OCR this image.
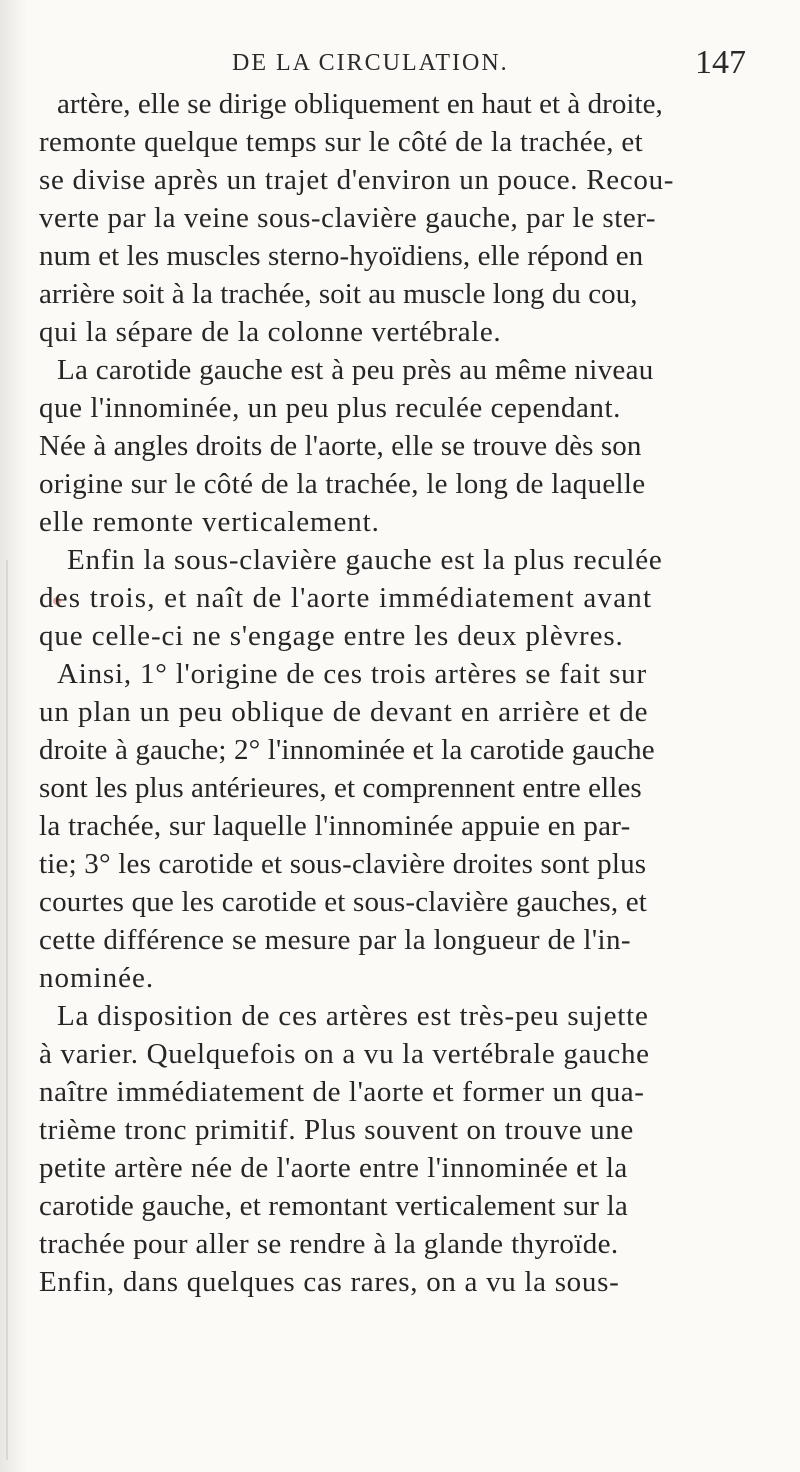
DE LA CIRCULATION.	147
artère, elle se dirige obliquement en haut et à droite,
remonte quelque temps sur le côté de la trachée, et
se divise après un trajet d'environ un pouce. Recou-
verte par la veine sous-clavière gauche, par le ster-
num et les muscles sterno-hyoïdiens, elle répond en
arrière soit à la trachée, soit au muscle long du cou,
qui la sépare de la colonne vertébrale.
La carotide gauche est à peu près au même niveau
que l'innominée, un peu plus reculée cependant.
Née à angles droits de l'aorte, elle se trouve dès son
origine sur le côté de la trachée, le long de laquelle
elle remonte verticalement.
Enfin la sous-clavière gauche est la plus reculée
des trois, et naît de l'aorte immédiatement avant
que celle-ci ne s'engage entre les deux plèvres.
Ainsi, 1° l'origine de ces trois artères se fait sur
un plan un peu oblique de devant en arrière et de
droite à gauche; 2° l'innominée et la carotide gauche
sont les plus antérieures, et comprennent entre elles
la trachée, sur laquelle l'innominée appuie en par-
tie; 3° les carotide et sous-clavière droites sont plus
courtes que les carotide et sous-clavière gauches, et
cette différence se mesure par la longueur de l'in-
nominée.
La disposition de ces artères est très-peu sujette
à varier. Quelquefois on a vu la vertébrale gauche
naître immédiatement de l'aorte et former un qua-
trième tronc primitif. Plus souvent on trouve une
petite artère née de l'aorte entre l'innominée et la
carotide gauche, et remontant verticalement sur la
trachée pour aller se rendre à la glande thyroïde.
Enfin, dans quelques cas rares, on a vu la sous-
